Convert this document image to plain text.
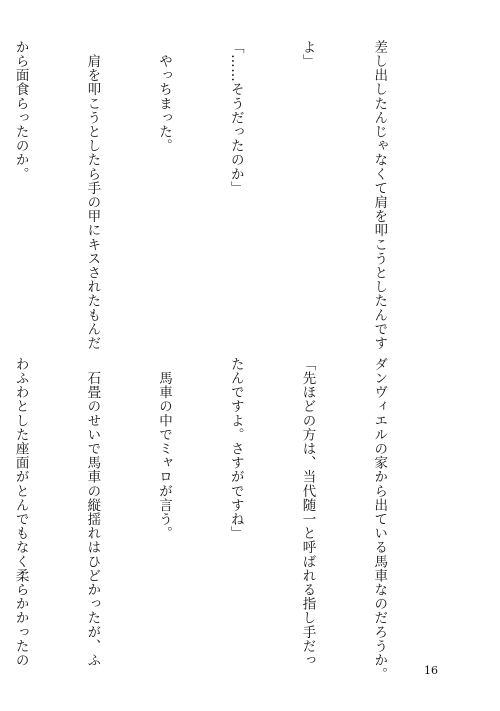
差し出したんじゃなくて肩を叩こうとしたんです

よ」

「……そうだったのか」

　やっちまった。

　肩を叩こうとしたら手の甲にキスされたもんだ

から面食らったのか。

ダンヴィエルの家から出ている馬車なのだろうか。

「先ほどの方は、当代随一と呼ばれる指し手だっ

たんですよ。さすがですね」

　馬車の中でミャロが言う。

　石畳のせいで馬車の縦揺れはひどかったが、ふ

わふわとした座面がとんでもなく柔らかかったの

16
